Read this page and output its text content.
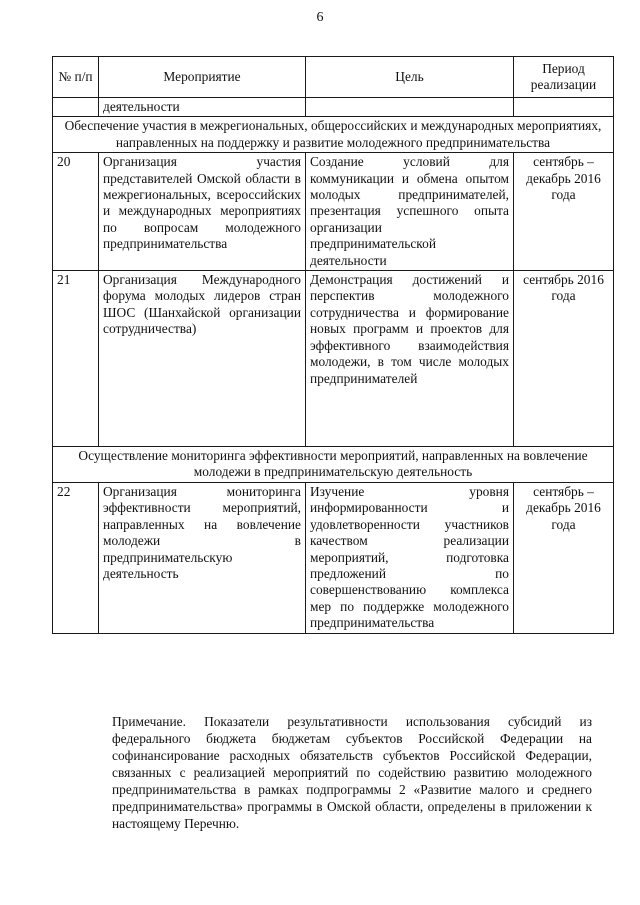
6
№ п/п	Мероприятие	Цель	Период реализации
	деятельности		
Обеспечение участия в межрегиональных, общероссийских и международных мероприятиях, направленных на поддержку и развитие молодежного предпринимательства			
20	Организация участия представителей Омской области в межрегиональных, всероссийских и международных мероприятиях по вопросам молодежного предпринимательства	Создание условий для коммуникации и обмена опытом молодых предпринимателей, презентация успешного опыта организации предпринимательской деятельности	сентябрь – декабрь 2016 года
21	Организация Международного форума молодых лидеров стран ШОС (Шанхайской организации сотрудничества)	Демонстрация достижений и перспектив молодежного сотрудничества и формирование новых программ и проектов для эффективного взаимодействия молодежи, в том числе молодых предпринимателей	сентябрь 2016 года
Осуществление мониторинга эффективности мероприятий, направленных на вовлечение молодежи в предпринимательскую деятельность			
22	Организация мониторинга эффективности мероприятий, направленных на вовлечение молодежи в предпринимательскую деятельность	Изучение уровня информированности и удовлетворенности участников качеством реализации мероприятий, подготовка предложений по совершенствованию комплекса мер по поддержке молодежного предпринимательства	сентябрь – декабрь 2016 года
Примечание. Показатели результативности использования субсидий из федерального бюджета бюджетам субъектов Российской Федерации на софинансирование расходных обязательств субъектов Российской Федерации, связанных с реализацией мероприятий по содействию развитию молодежного предпринимательства в рамках подпрограммы 2 «Развитие малого и среднего предпринимательства» программы в Омской области, определены в приложении к настоящему Перечню.
